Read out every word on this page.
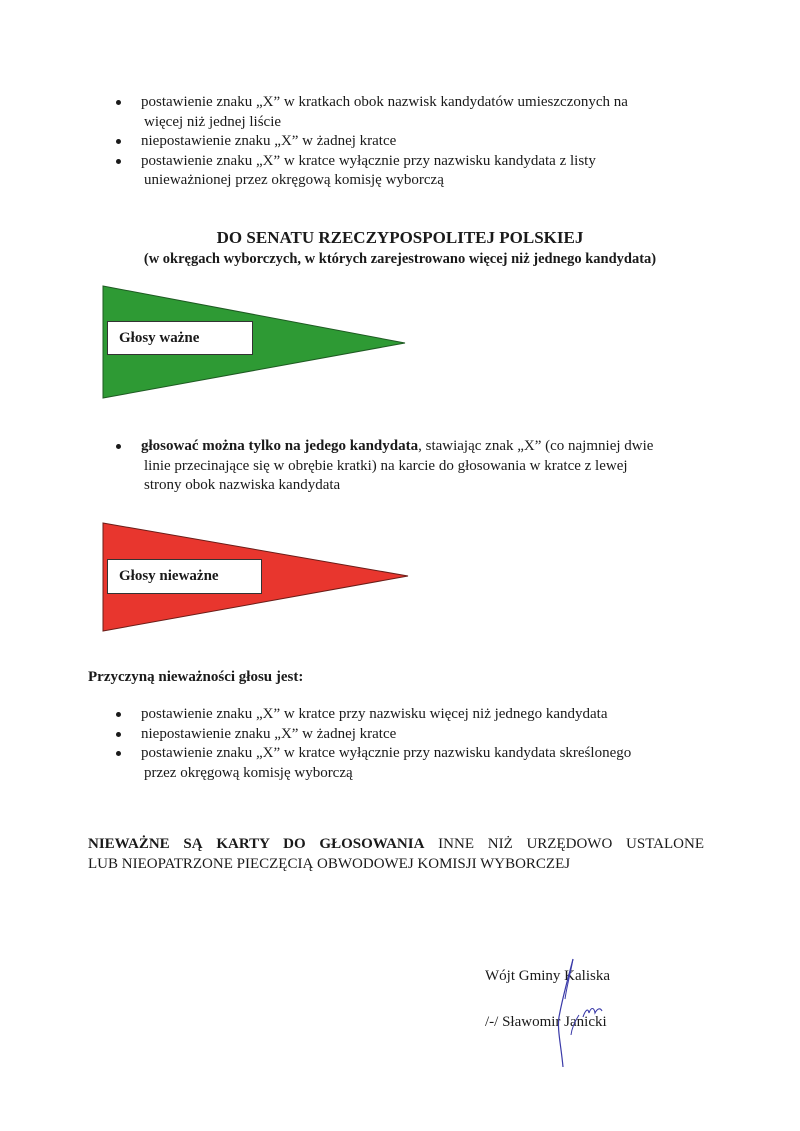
postawienie znaku „X” w kratkach obok nazwisk kandydatów umieszczonych na
więcej niż jednej liście
niepostawienie znaku „X” w żadnej kratce
postawienie znaku „X” w kratce wyłącznie przy nazwisku kandydata z listy
unieważnionej przez okręgową komisję wyborczą
DO SENATU RZECZYPOSPOLITEJ POLSKIEJ
(w okręgach wyborczych, w których zarejestrowano więcej niż jednego kandydata)
Głosy ważne
głosować można tylko na jedego kandydata, stawiając znak „X” (co najmniej dwie
linie przecinające się w obrębie kratki) na karcie do głosowania w kratce z lewej
strony obok nazwiska kandydata
Głosy nieważne
Przyczyną nieważności głosu jest:
postawienie znaku „X” w kratce przy nazwisku więcej niż jednego kandydata
niepostawienie znaku „X” w żadnej kratce
postawienie znaku „X” w kratce wyłącznie przy nazwisku kandydata skreślonego
przez okręgową komisję wyborczą
NIEWAŻNE SĄ KARTY DO GŁOSOWANIA INNE NIŻ URZĘDOWO USTALONE
LUB NIEOPATRZONE PIECZĘCIĄ OBWODOWEJ KOMISJI WYBORCZEJ
Wójt Gminy Kaliska
/-/ Sławomir Janicki
